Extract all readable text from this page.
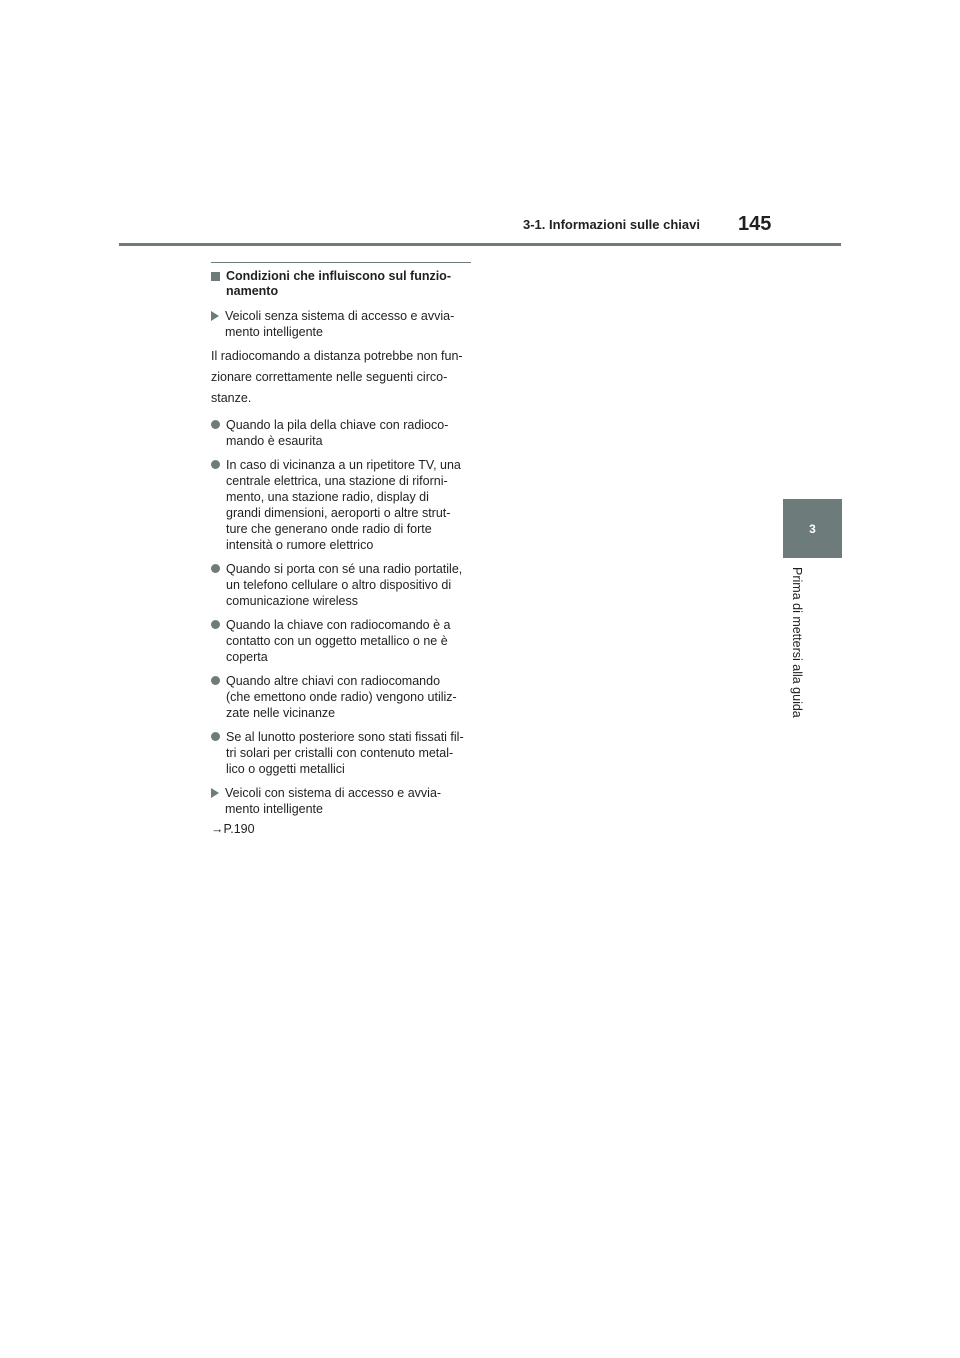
3-1. Informazioni sulle chiavi 145
3
Prima di mettersi alla guida
Condizioni che influiscono sul funzio-
namento
Veicoli senza sistema di accesso e avvia-
mento intelligente
Il radiocomando a distanza potrebbe non fun-
zionare correttamente nelle seguenti circo-
stanze.
Quando la pila della chiave con radioco-
mando è esaurita
In caso di vicinanza a un ripetitore TV, una
centrale elettrica, una stazione di riforni-
mento, una stazione radio, display di
grandi dimensioni, aeroporti o altre strut-
ture che generano onde radio di forte
intensità o rumore elettrico
Quando si porta con sé una radio portatile,
un telefono cellulare o altro dispositivo di
comunicazione wireless
Quando la chiave con radiocomando è a
contatto con un oggetto metallico o ne è
coperta
Quando altre chiavi con radiocomando
(che emettono onde radio) vengono utiliz-
zate nelle vicinanze
Se al lunotto posteriore sono stati fissati fil-
tri solari per cristalli con contenuto metal-
lico o oggetti metallici
Veicoli con sistema di accesso e avvia-
mento intelligente
→P.190
